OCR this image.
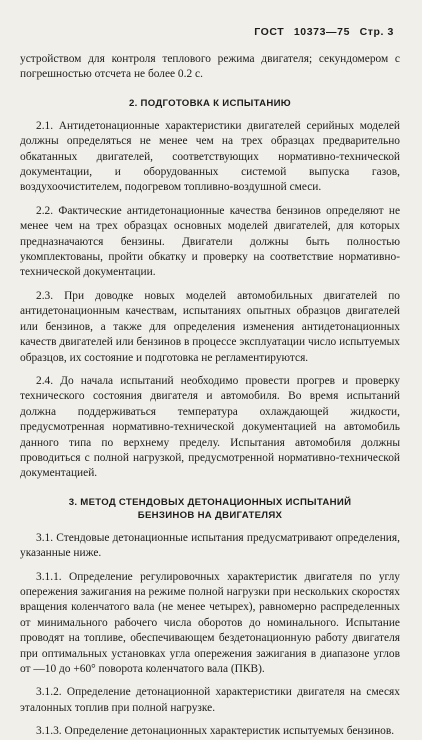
ГОСТ 10373—75 Стр. 3

устройством для контроля теплового режима двигателя; секундомером с погрешностью отсчета не более 0.2 с.

2. ПОДГОТОВКА К ИСПЫТАНИЮ

2.1. Антидетонационные характеристики двигателей серийных моделей должны определяться не менее чем на трех образцах предварительно обкатанных двигателей, соответствующих нормативно-технической документации, и оборудованных системой выпуска газов, воздухоочистителем, подогревом топливно-воздушной смеси.

2.2. Фактические антидетонационные качества бензинов определяют не менее чем на трех образцах основных моделей двигателей, для которых предназначаются бензины. Двигатели должны быть полностью укомплектованы, пройти обкатку и проверку на соответствие нормативно-технической документации.

2.3. При доводке новых моделей автомобильных двигателей по антидетонационным качествам, испытаниях опытных образцов двигателей или бензинов, а также для определения изменения антидетонационных качеств двигателей или бензинов в процессе эксплуатации число испытуемых образцов, их состояние и подготовка не регламентируются.

2.4. До начала испытаний необходимо провести прогрев и проверку технического состояния двигателя и автомобиля. Во время испытаний должна поддерживаться температура охлаждающей жидкости, предусмотренная нормативно-технической документацией на автомобиль данного типа по верхнему пределу. Испытания автомобиля должны проводиться с полной нагрузкой, предусмотренной нормативно-технической документацией.

3. МЕТОД СТЕНДОВЫХ ДЕТОНАЦИОННЫХ ИСПЫТАНИЙ БЕНЗИНОВ НА ДВИГАТЕЛЯХ

3.1. Стендовые детонационные испытания предусматривают определения, указанные ниже.

3.1.1. Определение регулировочных характеристик двигателя по углу опережения зажигания на режиме полной нагрузки при нескольких скоростях вращения коленчатого вала (не менее четырех), равномерно распределенных от минимального рабочего числа оборотов до номинального. Испытание проводят на топливе, обеспечивающем бездетонационную работу двигателя при оптимальных установках угла опережения зажигания в диапазоне углов от —10 до +60° поворота коленчатого вала (ПКВ).

3.1.2. Определение детонационной характеристики двигателя на смесях эталонных топлив при полной нагрузке.

3.1.3. Определение детонационных характеристик испытуемых бензинов.
